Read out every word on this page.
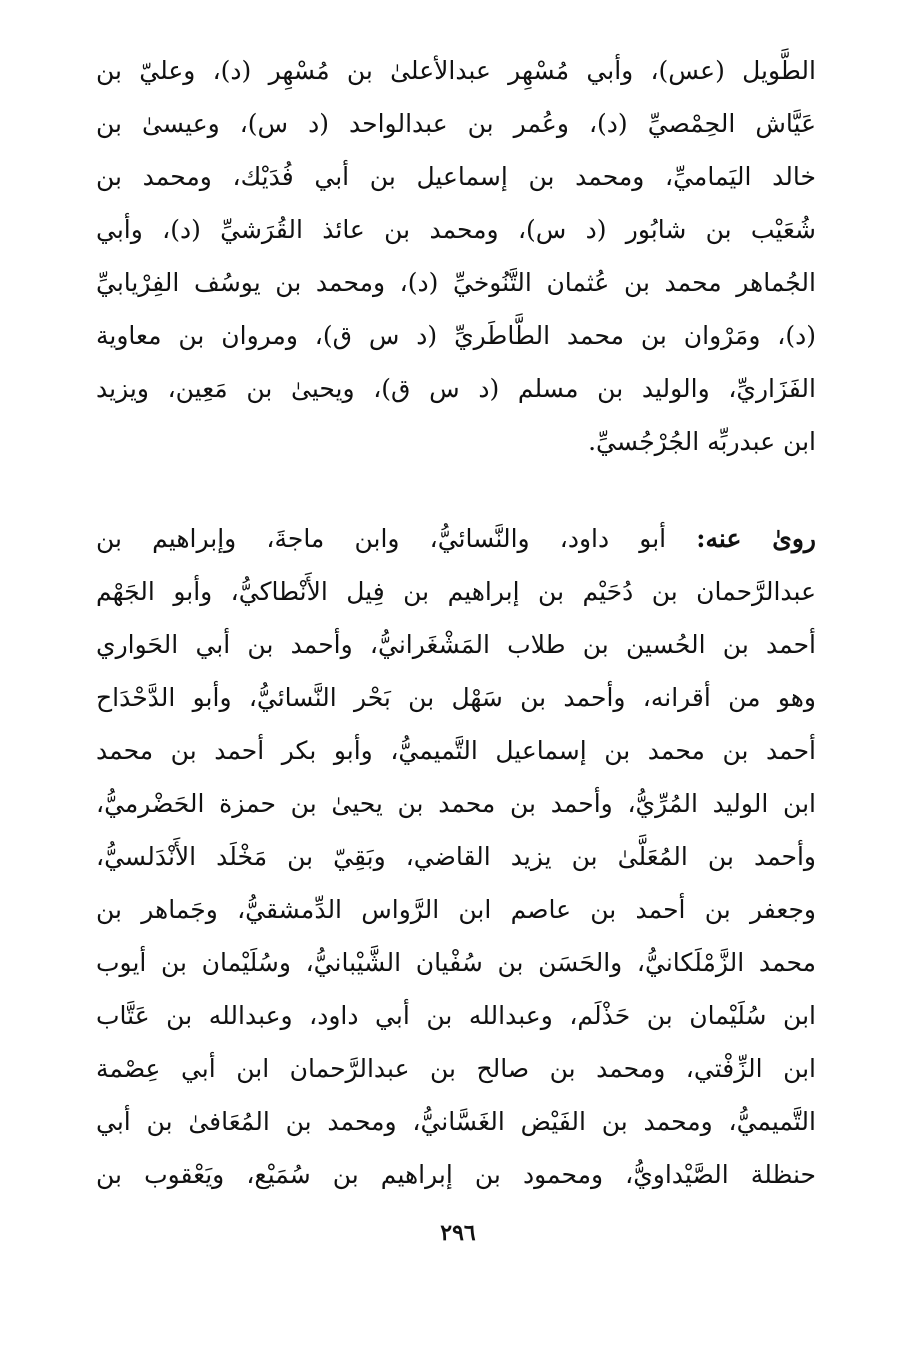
الطَّويل (عس)، وأبي مُسْهِر عبدالأعلىٰ بن مُسْهِر (د)، وعليّ بن
عَيَّاش الحِمْصيِّ (د)، وعُمر بن عبدالواحد (د س)، وعيسىٰ بن
خالد اليَماميِّ، ومحمد بن إسماعيل بن أبي فُدَيْك، ومحمد بن
شُعَيْب بن شابُور (د س)، ومحمد بن عائذ القُرَشيِّ (د)، وأبي
الجُماهر محمد بن عُثمان التَّنُوخيِّ (د)، ومحمد بن يوسُف الفِرْيابيِّ
(د)، ومَرْوان بن محمد الطَّاطَريِّ (د س ق)، ومروان بن معاوية
الفَزَاريِّ، والوليد بن مسلم (د س ق)، ويحيىٰ بن مَعِين، ويزيد
ابن عبدربِّه الجُرْجُسيِّ.
روىٰ عنه: أبو داود، والنَّسائيُّ، وابن ماجةَ، وإبراهيم بن
عبدالرَّحمان بن دُحَيْم بن إبراهيم بن فِيل الأَنْطاكيُّ، وأبو الجَهْم
أحمد بن الحُسين بن طلاب المَشْغَرانيُّ، وأحمد بن أبي الحَواري
وهو من أقرانه، وأحمد بن سَهْل بن بَحْر النَّسائيُّ، وأبو الدَّحْدَاح
أحمد بن محمد بن إسماعيل التَّميميُّ، وأبو بكر أحمد بن محمد
ابن الوليد المُرِّيُّ، وأحمد بن محمد بن يحيىٰ بن حمزة الحَضْرميُّ،
وأحمد بن المُعَلَّىٰ بن يزيد القاضي، وبَقِيّ بن مَخْلَد الأَنْدَلسيُّ،
وجعفر بن أحمد بن عاصم ابن الرَّواس الدِّمشقيُّ، وجَماهر بن
محمد الزَّمْلَكانيُّ، والحَسَن بن سُفْيان الشَّيْبانيُّ، وسُلَيْمان بن أيوب
ابن سُلَيْمان بن حَذْلَم، وعبدالله بن أبي داود، وعبدالله بن عَتَّاب
ابن الزِّفْتي، ومحمد بن صالح بن عبدالرَّحمان ابن أبي عِصْمة
التَّميميُّ، ومحمد بن الفَيْض الغَسَّانيُّ، ومحمد بن المُعَافىٰ بن أبي
حنظلة الصَّيْداويُّ، ومحمود بن إبراهيم بن سُمَيْع، ويَعْقوب بن
٢٩٦
